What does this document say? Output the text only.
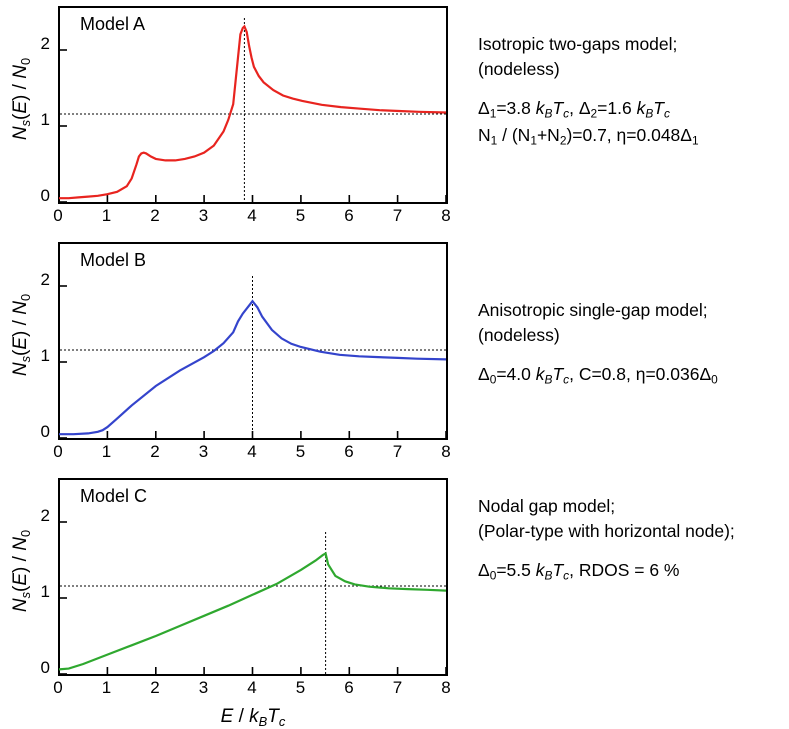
$N_s(E) / N_0$
0
1
2
Model A
0 1 2 3 4 5 6 7 8
Isotropic two-gaps model;
(nodeless)
$\Delta_1=3.8$ $k_BT_c$, $\Delta_2=1.6$ $k_BT_c$
$N_1 / (N_1+N_2)=0.7$, $\eta=0.048\Delta_1$
$N_s(E) / N_0$
0
1
2
Model B
0 1 2 3 4 5 6 7 8
Anisotropic single-gap model;
(nodeless)
$\Delta_0=4.0$ $k_BT_c$, C=0.8, $\eta=0.036\Delta_0$
$N_s(E) / N_0$
0
1
2
Model C
0 1 2 3 4 5 6 7 8
Nodal gap model;
(Polar-type with horizontal node);
$\Delta_0=5.5$ $k_BT_c$, RDOS = 6 %
E / $k_BT_c$
